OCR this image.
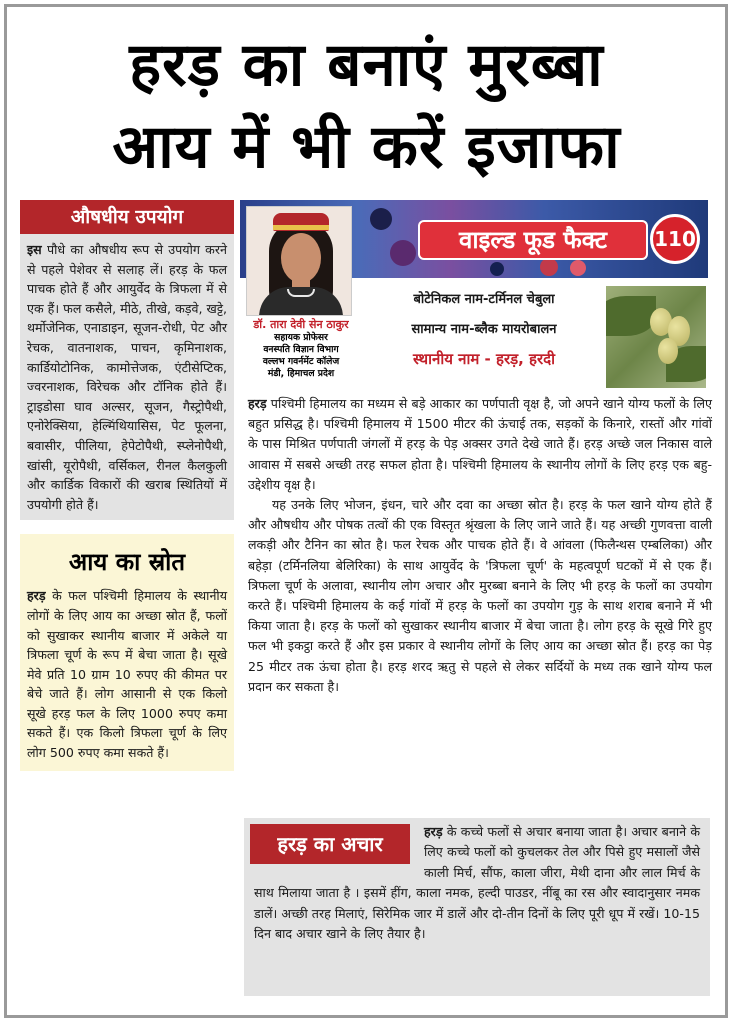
हरड़ का बनाएं मुरब्बा
आय में भी करें इजाफा
औषधीय उपयोग
इस पौधे का औषधीय रूप से उपयोग करने से पहले पेशेवर से सलाह लें। हरड़ के फल पाचक होते हैं और आयुर्वेद के त्रिफला में से एक हैं। फल कसैले, मीठे, तीखे, कड़वे, खट्टे, थर्मोजेनिक, एनाडाइन, सूजन-रोधी, पेट और रेचक, वातनाशक, पाचन, कृमिनाशक, कार्डियोटोनिक, कामोत्तेजक, एंटीसेप्टिक, ज्वरनाशक, विरेचक और टॉनिक होते हैं। ट्राइडोसा घाव अल्सर, सूजन, गैस्ट्रोपैथी, एनोरेक्सिया, हेल्मिंथियासिस, पेट फूलना, बवासीर, पीलिया, हेपेटोपैथी, स्प्लेनोपैथी, खांसी, यूरोपैथी, वर्सिकल, रीनल कैलकुली और कार्डिक विकारों की खराब स्थितियों में उपयोगी होते हैं।
आय का स्रोत
हरड़ के फल पश्चिमी हिमालय के स्थानीय लोगों के लिए आय का अच्छा स्रोत हैं, फलों को सुखाकर स्थानीय बाजार में अकेले या त्रिफला चूर्ण के रूप में बेचा जाता है। सूखे मेवे प्रति 10 ग्राम 10 रुपए की कीमत पर बेचे जाते हैं। लोग आसानी से एक किलो सूखे हरड़ फल के लिए 1000 रुपए कमा सकते हैं। एक किलो त्रिफला चूर्ण के लिए लोग 500 रुपए कमा सकते हैं।
वाइल्ड फूड फैक्ट	110
डॉ. तारा देवी सेन ठाकुर
सहायक प्रोफेसर
वनस्पति विज्ञान विभाग
वल्लभ गवर्नमेंट कॉलेज
मंडी, हिमाचल प्रदेश
बोटेनिकल नाम-टर्मिनल चेबुला
सामान्य नाम-ब्लैक मायरोबालन
स्थानीय नाम - हरड़, हरदी

हरड़ पश्चिमी हिमालय का मध्यम से बड़े आकार का पर्णपाती वृक्ष है, जो अपने खाने योग्य फलों के लिए बहुत प्रसिद्ध है। पश्चिमी हिमालय में 1500 मीटर की ऊंचाई तक, सड़कों के किनारे, रास्तों और गांवों के पास मिश्रित पर्णपाती जंगलों में हरड़ के पेड़ अक्सर उगते देखे जाते हैं। हरड़ अच्छे जल निकास वाले आवास में सबसे अच्छी तरह सफल होता है। पश्चिमी हिमालय के स्थानीय लोगों के लिए हरड़ एक बहु-उद्देशीय वृक्ष है।

यह उनके लिए भोजन, इंधन, चारे और दवा का अच्छा स्रोत है। हरड़ के फल खाने योग्य होते हैं और औषधीय और पोषक तत्वों की एक विस्तृत श्रृंखला के लिए जाने जाते हैं। यह अच्छी गुणवत्ता वाली लकड़ी और टैनिन का स्रोत है। फल रेचक और पाचक होते हैं। वे आंवला (फिलैन्थस एम्बलिका) और बहेड़ा (टर्मिनलिया बेलिरिका) के साथ आयुर्वेद के 'त्रिफला चूर्ण' के महत्वपूर्ण घटकों में से एक हैं। त्रिफला चूर्ण के अलावा, स्थानीय लोग अचार और मुरब्बा बनाने के लिए भी हरड़ के फलों का उपयोग करते हैं। पश्चिमी हिमालय के कई गांवों में हरड़ के फलों का उपयोग गुड़ के साथ शराब बनाने में भी किया जाता है। हरड़ के फलों को सुखाकर स्थानीय बाजार में बेचा जाता है। लोग हरड़ के सूखे गिरे हुए फल भी इकट्ठा करते हैं और इस प्रकार वे स्थानीय लोगों के लिए आय का अच्छा स्रोत हैं। हरड़ का पेड़ 25 मीटर तक ऊंचा होता है। हरड़ शरद ऋतु से पहले से लेकर सर्दियों के मध्य तक खाने योग्य फल प्रदान कर सकता है।

हरड़ के कच्चे फलों से अचार बनाया जाता है। अचार बनाने के लिए कच्चे फलों को कुचलकर तेल और पिसे हुए मसालों जैसे काली मिर्च, सौंफ, काला जीरा, मेथी दाना और लाल मिर्च के साथ मिलाया जाता है । इसमें हींग, काला नमक, हल्दी पाउडर, नींबू का रस और स्वादानुसार नमक डालें। अच्छी तरह मिलाएं, सिरेमिक जार में डालें और दो-तीन दिनों के लिए पूरी धूप में रखें। 10-15 दिन बाद अचार खाने के लिए तैयार है।
हरड़ का अचार
